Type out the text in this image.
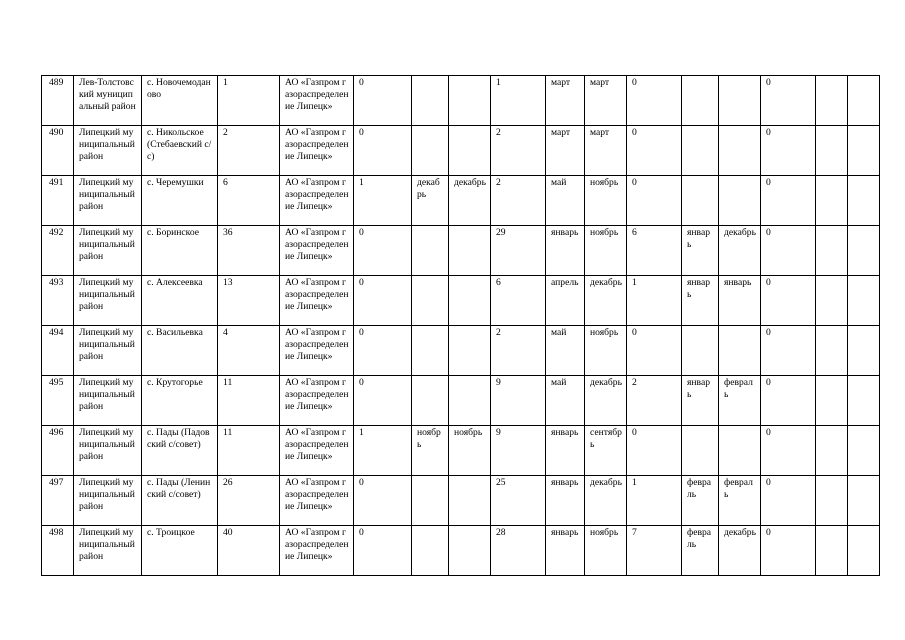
489	Лев-Толстовский муниципальный район	с. Новочемоданово	1	АО «Газпром газораспределение Липецк»	0			1	март	март	0			0		
490	Липецкий муниципальный район	с. Никольское (Стебаевский с/с)	2	АО «Газпром газораспределение Липецк»	0			2	март	март	0			0		
491	Липецкий муниципальный район	с. Черемушки	6	АО «Газпром газораспределение Липецк»	1	декабрь	декабрь	2	май	ноябрь	0			0		
492	Липецкий муниципальный район	с. Боринское	36	АО «Газпром газораспределение Липецк»	0			29	январь	ноябрь	6	январь	декабрь	0		
493	Липецкий муниципальный район	с. Алексеевка	13	АО «Газпром газораспределение Липецк»	0			6	апрель	декабрь	1	январь	январь	0		
494	Липецкий муниципальный район	с. Васильевка	4	АО «Газпром газораспределение Липецк»	0			2	май	ноябрь	0			0		
495	Липецкий муниципальный район	с. Крутогорье	11	АО «Газпром газораспределение Липецк»	0			9	май	декабрь	2	январь	февраль	0		
496	Липецкий муниципальный район	с. Пады (Падовский с/совет)	11	АО «Газпром газораспределение Липецк»	1	ноябрь	ноябрь	9	январь	сентябрь	0			0		
497	Липецкий муниципальный район	с. Пады (Ленинский с/совет)	26	АО «Газпром газораспределение Липецк»	0			25	январь	декабрь	1	февраль	февраль	0		
498	Липецкий муниципальный район	с. Троицкое	40	АО «Газпром газораспределение Липецк»	0			28	январь	ноябрь	7	февраль	декабрь	0		
